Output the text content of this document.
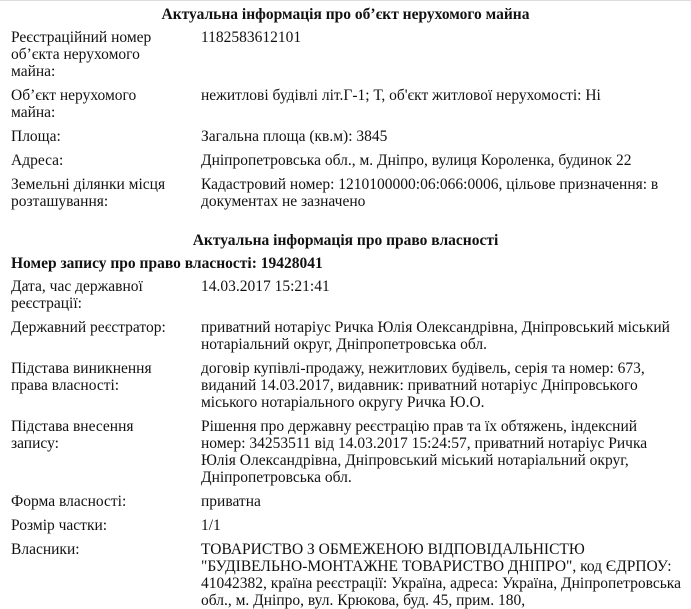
Актуальна інформація про об’єкт нерухомого майна
Реєстраційний номер об’єкта нерухомого майна:
1182583612101
Об’єкт нерухомого майна:
нежитлові будівлі літ.Г-1; Т, об'єкт житлової нерухомості: Ні
Площа:	Загальна площа (кв.м): 3845
Адреса:	Дніпропетровська обл., м. Дніпро, вулиця Короленка, будинок 22
Земельні ділянки місця розташування:
Кадастровий номер: 1210100000:06:066:0006, цільове призначення: в документах не зазначено
Актуальна інформація про право власності
Номер запису про право власності: 19428041
Дата, час державної реєстрації:
14.03.2017 15:21:41
Державний реєстратор:	приватний нотаріус Ричка Юлія Олександрівна, Дніпровський міський нотаріальний округ, Дніпропетровська обл.
Підстава виникнення права власності:
договір купівлі-продажу, нежитлових будівель, серія та номер: 673, виданий 14.03.2017, видавник: приватний нотаріус Дніпровського міського нотаріального округу Ричка Ю.О.
Підстава внесення запису:
Рішення про державну реєстрацію прав та їх обтяжень, індексний номер: 34253511 від 14.03.2017 15:24:57, приватний нотаріус Ричка Юлія Олександрівна, Дніпровський міський нотаріальний округ, Дніпропетровська обл.
Форма власності:	приватна
Розмір частки:	1/1
Власники:	ТОВАРИСТВО З ОБМЕЖЕНОЮ ВІДПОВІДАЛЬНІСТЮ "БУДІВЕЛЬНО-МОНТАЖНЕ ТОВАРИСТВО ДНІПРО", код ЄДРПОУ: 41042382, країна реєстрації: Україна, адреса: Україна, Дніпропетровська обл., м. Дніпро, вул. Крюкова, буд. 45, прим. 180,
